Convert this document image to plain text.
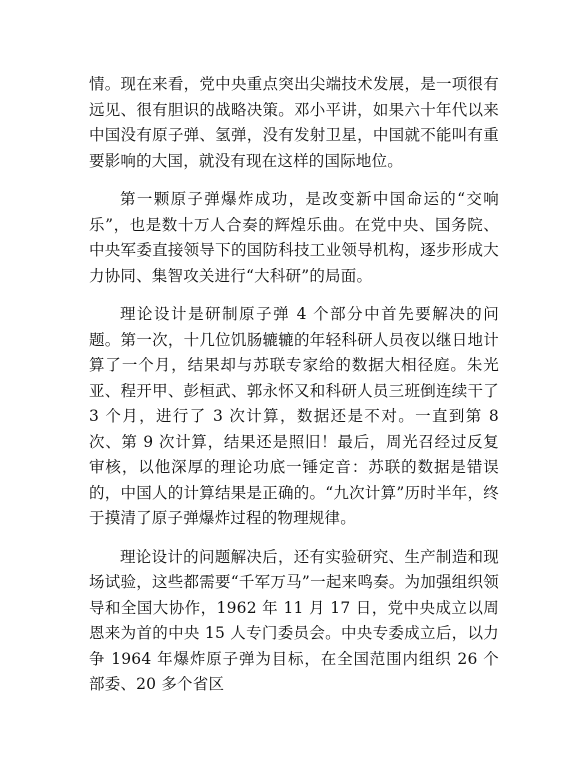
情。现在来看，党中央重点突出尖端技术发展，是一项很有远见、很有胆识的战略决策。邓小平讲，如果六十年代以来中国没有原子弹、氢弹，没有发射卫星，中国就不能叫有重要影响的大国，就没有现在这样的国际地位。

第一颗原子弹爆炸成功，是改变新中国命运的“交响乐”，也是数十万人合奏的辉煌乐曲。在党中央、国务院、中央军委直接领导下的国防科技工业领导机构，逐步形成大力协同、集智攻关进行“大科研”的局面。

理论设计是研制原子弹 4 个部分中首先要解决的问题。第一次，十几位饥肠辘辘的年轻科研人员夜以继日地计算了一个月，结果却与苏联专家给的数据大相径庭。朱光亚、程开甲、彭桓武、郭永怀又和科研人员三班倒连续干了 3 个月，进行了 3 次计算，数据还是不对。一直到第 8 次、第 9 次计算，结果还是照旧！最后，周光召经过反复审核，以他深厚的理论功底一锤定音：苏联的数据是错误的，中国人的计算结果是正确的。“九次计算”历时半年，终于摸清了原子弹爆炸过程的物理规律。

理论设计的问题解决后，还有实验研究、生产制造和现场试验，这些都需要“千军万马”一起来鸣奏。为加强组织领导和全国大协作，1962 年 11 月 17 日，党中央成立以周恩来为首的中央 15 人专门委员会。中央专委成立后，以力争 1964 年爆炸原子弹为目标，在全国范围内组织 26 个部委、20 多个省区
